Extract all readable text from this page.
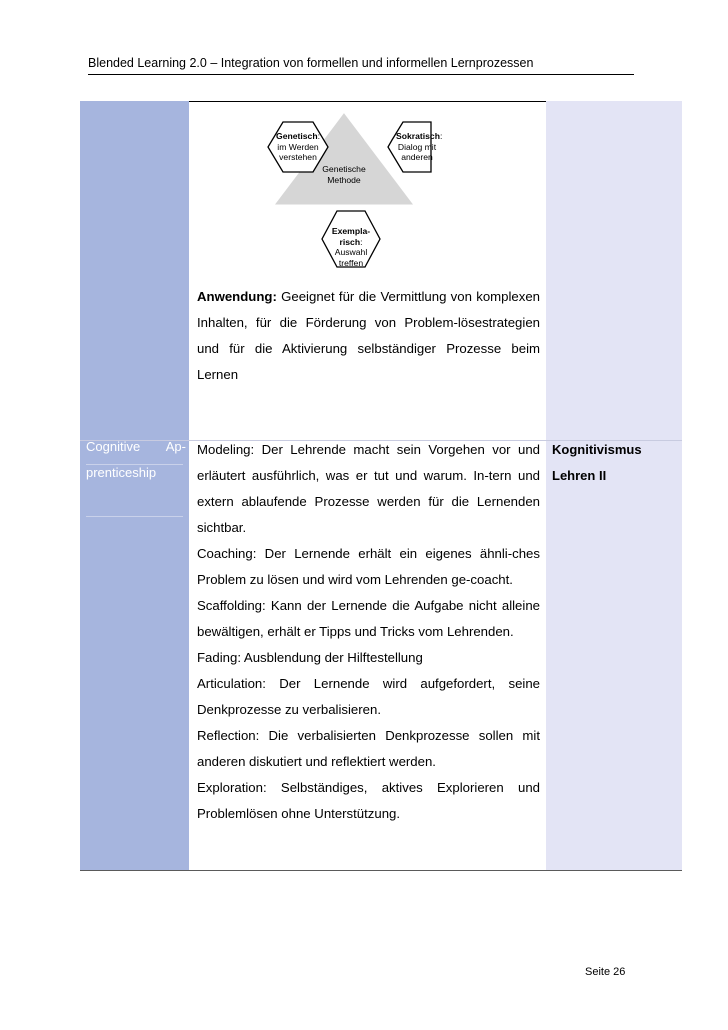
Blended Learning 2.0 – Integration von formellen und informellen Lernprozessen
Genetisch:
im Werden
verstehen
Sokratisch:
Dialog mit
anderen
Genetische
Methode
Exempla-
risch:
Auswahl
treffen

Anwendung: Geeignet für die Vermittlung von komplexen Inhalten, für die Förderung von Problem-lösestrategien und für die Aktivierung selbständiger Prozesse beim Lernen

Cognitive Ap-
prenticeship

Modeling: Der Lehrende macht sein Vorgehen vor und erläutert ausführlich, was er tut und warum. In-tern und extern ablaufende Prozesse werden für die Lernenden sichtbar.

Coaching: Der Lernende erhält ein eigenes ähnli-ches Problem zu lösen und wird vom Lehrenden ge-coacht.

Scaffolding: Kann der Lernende die Aufgabe nicht alleine bewältigen, erhält er Tipps und Tricks vom Lehrenden.

Fading: Ausblendung der Hilftestellung

Articulation: Der Lernende wird aufgefordert, seine Denkprozesse zu verbalisieren.

Reflection: Die verbalisierten Denkprozesse sollen mit anderen diskutiert und reflektiert werden.

Exploration: Selbständiges, aktives Explorieren und Problemlösen ohne Unterstützung.

Kognitivismus
Lehren II
Seite 26
